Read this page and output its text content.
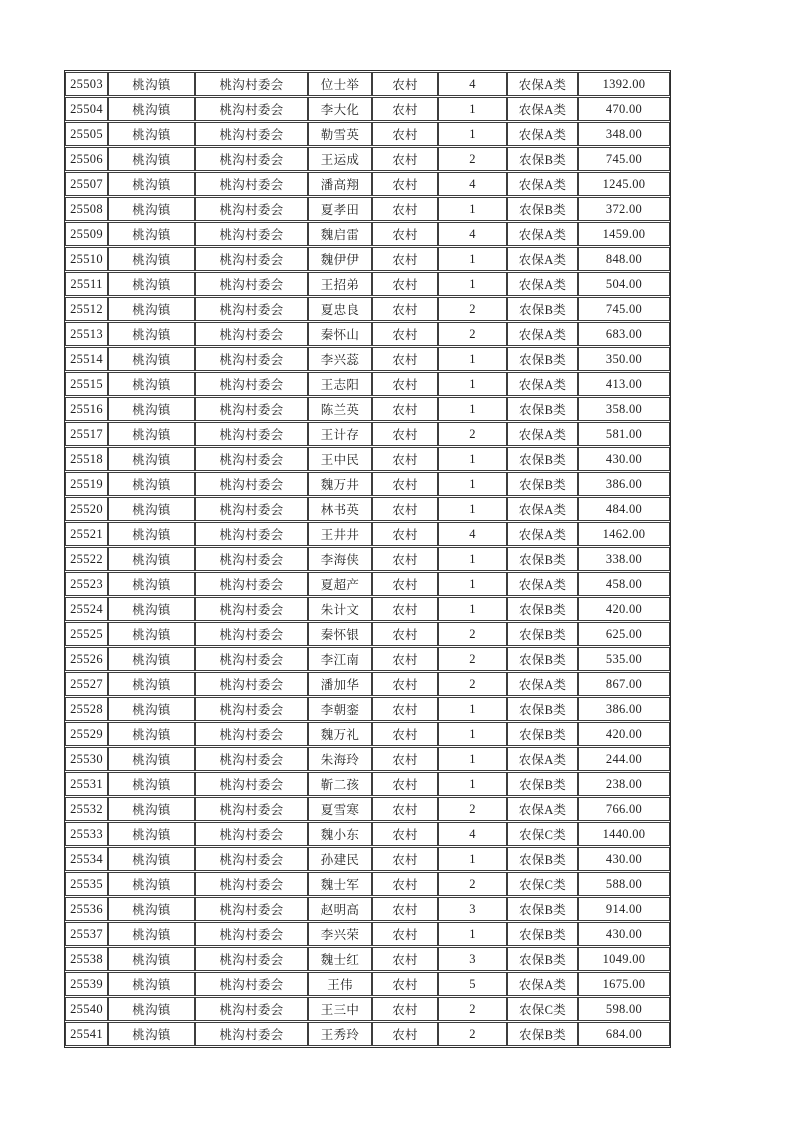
25503	桃沟镇	桃沟村委会	位士举	农村	4	农保A类	1392.00
25504	桃沟镇	桃沟村委会	李大化	农村	1	农保A类	470.00
25505	桃沟镇	桃沟村委会	勒雪英	农村	1	农保A类	348.00
25506	桃沟镇	桃沟村委会	王运成	农村	2	农保B类	745.00
25507	桃沟镇	桃沟村委会	潘高翔	农村	4	农保A类	1245.00
25508	桃沟镇	桃沟村委会	夏孝田	农村	1	农保B类	372.00
25509	桃沟镇	桃沟村委会	魏启雷	农村	4	农保A类	1459.00
25510	桃沟镇	桃沟村委会	魏伊伊	农村	1	农保A类	848.00
25511	桃沟镇	桃沟村委会	王招弟	农村	1	农保A类	504.00
25512	桃沟镇	桃沟村委会	夏忠良	农村	2	农保B类	745.00
25513	桃沟镇	桃沟村委会	秦怀山	农村	2	农保A类	683.00
25514	桃沟镇	桃沟村委会	李兴蕊	农村	1	农保B类	350.00
25515	桃沟镇	桃沟村委会	王志阳	农村	1	农保A类	413.00
25516	桃沟镇	桃沟村委会	陈兰英	农村	1	农保B类	358.00
25517	桃沟镇	桃沟村委会	王计存	农村	2	农保A类	581.00
25518	桃沟镇	桃沟村委会	王中民	农村	1	农保B类	430.00
25519	桃沟镇	桃沟村委会	魏万井	农村	1	农保B类	386.00
25520	桃沟镇	桃沟村委会	林书英	农村	1	农保A类	484.00
25521	桃沟镇	桃沟村委会	王井井	农村	4	农保A类	1462.00
25522	桃沟镇	桃沟村委会	李海侠	农村	1	农保B类	338.00
25523	桃沟镇	桃沟村委会	夏超产	农村	1	农保A类	458.00
25524	桃沟镇	桃沟村委会	朱计文	农村	1	农保B类	420.00
25525	桃沟镇	桃沟村委会	秦怀银	农村	2	农保B类	625.00
25526	桃沟镇	桃沟村委会	李江南	农村	2	农保B类	535.00
25527	桃沟镇	桃沟村委会	潘加华	农村	2	农保A类	867.00
25528	桃沟镇	桃沟村委会	李朝銮	农村	1	农保B类	386.00
25529	桃沟镇	桃沟村委会	魏万礼	农村	1	农保B类	420.00
25530	桃沟镇	桃沟村委会	朱海玲	农村	1	农保A类	244.00
25531	桃沟镇	桃沟村委会	靳二孩	农村	1	农保B类	238.00
25532	桃沟镇	桃沟村委会	夏雪寒	农村	2	农保A类	766.00
25533	桃沟镇	桃沟村委会	魏小东	农村	4	农保C类	1440.00
25534	桃沟镇	桃沟村委会	孙建民	农村	1	农保B类	430.00
25535	桃沟镇	桃沟村委会	魏士军	农村	2	农保C类	588.00
25536	桃沟镇	桃沟村委会	赵明高	农村	3	农保B类	914.00
25537	桃沟镇	桃沟村委会	李兴荣	农村	1	农保B类	430.00
25538	桃沟镇	桃沟村委会	魏士红	农村	3	农保B类	1049.00
25539	桃沟镇	桃沟村委会	王伟	农村	5	农保A类	1675.00
25540	桃沟镇	桃沟村委会	王三中	农村	2	农保C类	598.00
25541	桃沟镇	桃沟村委会	王秀玲	农村	2	农保B类	684.00
